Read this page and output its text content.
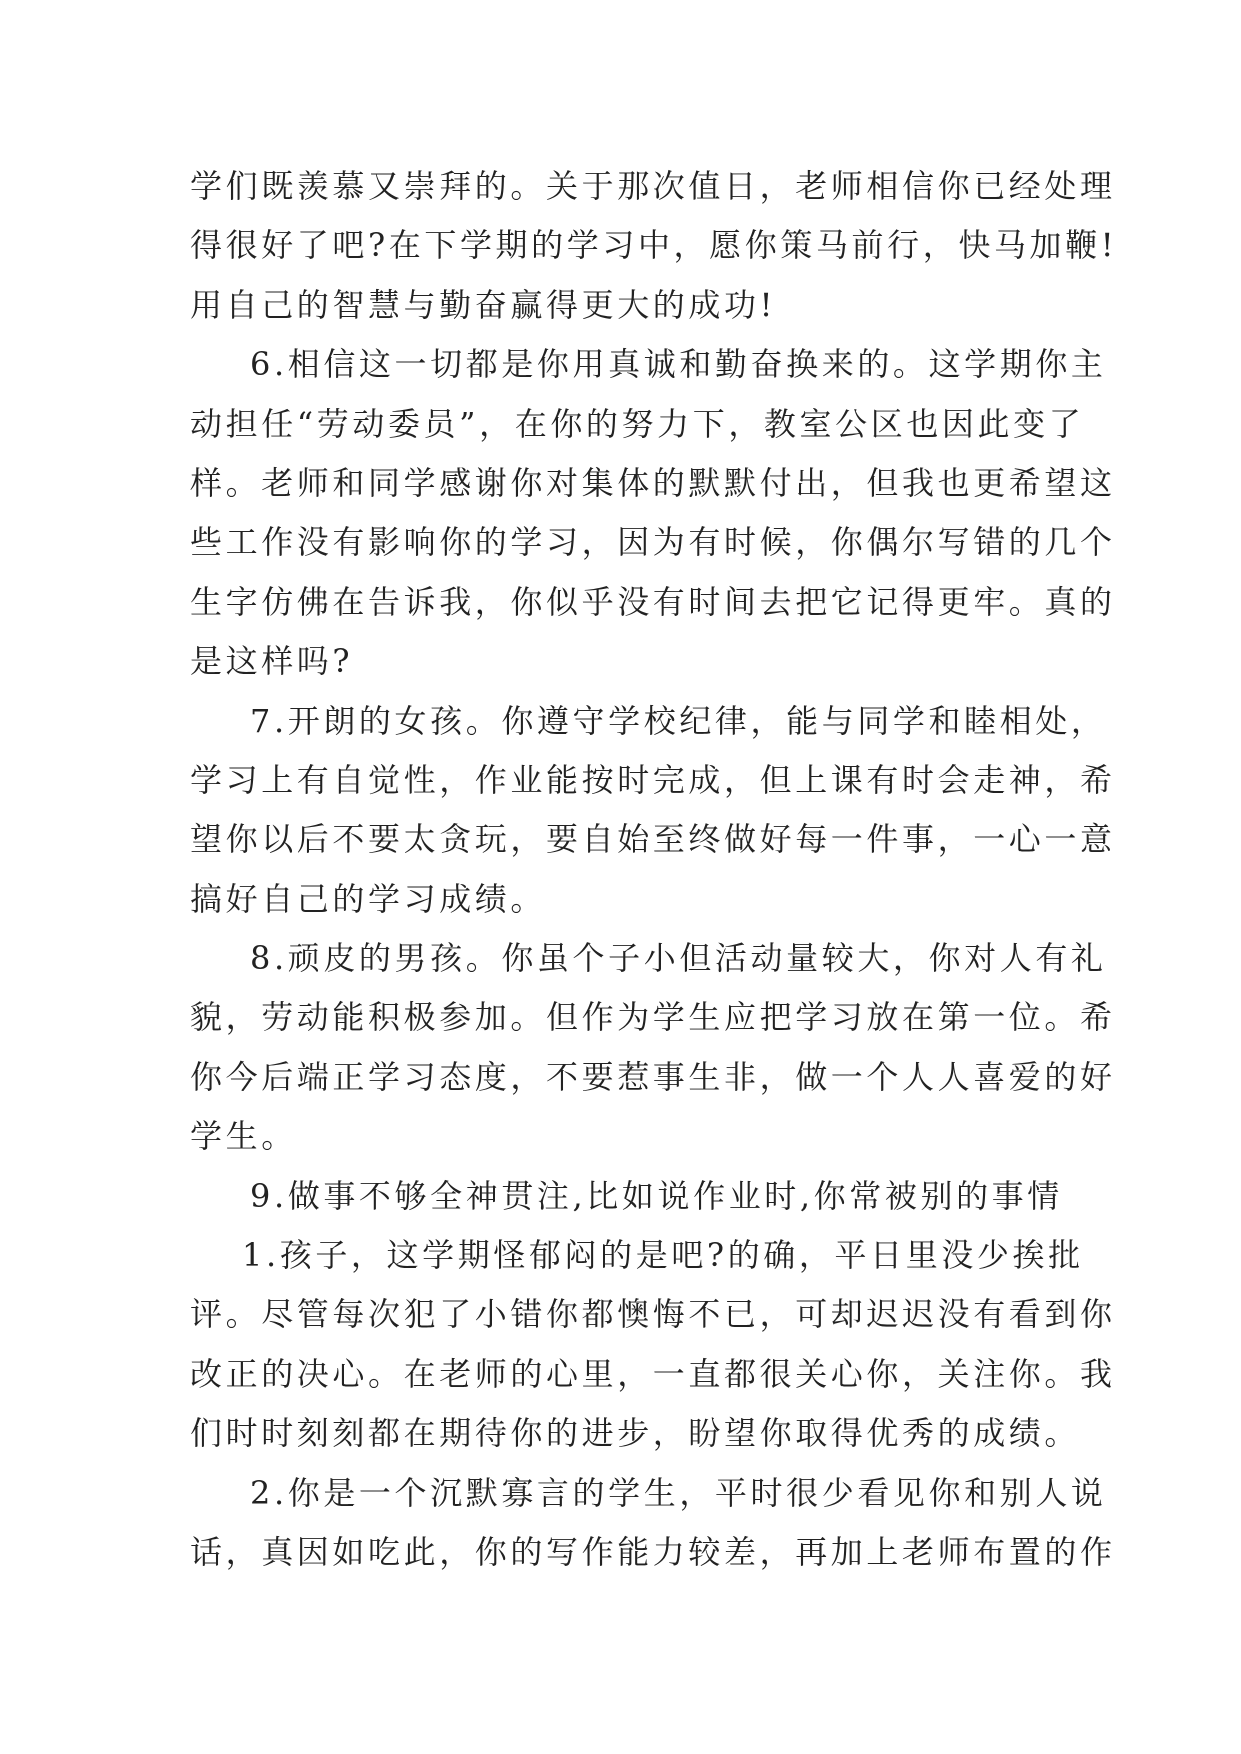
学们既羡慕又崇拜的。关于那次值日，老师相信你已经处理
得很好了吧?在下学期的学习中，愿你策马前行，快马加鞭!
用自己的智慧与勤奋赢得更大的成功!
6.相信这一切都是你用真诚和勤奋换来的。这学期你主
动担任“劳动委员”，在你的努力下，教室公区也因此变了
样。老师和同学感谢你对集体的默默付出，但我也更希望这
些工作没有影响你的学习，因为有时候，你偶尔写错的几个
生字仿佛在告诉我，你似乎没有时间去把它记得更牢。真的
是这样吗?
7.开朗的女孩。你遵守学校纪律，能与同学和睦相处，
学习上有自觉性，作业能按时完成，但上课有时会走神，希
望你以后不要太贪玩，要自始至终做好每一件事，一心一意
搞好自己的学习成绩。
8.顽皮的男孩。你虽个子小但活动量较大，你对人有礼
貌，劳动能积极参加。但作为学生应把学习放在第一位。希
你今后端正学习态度，不要惹事生非，做一个人人喜爱的好
学生。
9.做事不够全神贯注,比如说作业时,你常被别的事情
1.孩子，这学期怪郁闷的是吧?的确，平日里没少挨批
评。尽管每次犯了小错你都懊悔不已，可却迟迟没有看到你
改正的决心。在老师的心里，一直都很关心你，关注你。我
们时时刻刻都在期待你的进步，盼望你取得优秀的成绩。
2.你是一个沉默寡言的学生，平时很少看见你和别人说
话，真因如吃此，你的写作能力较差，再加上老师布置的作
